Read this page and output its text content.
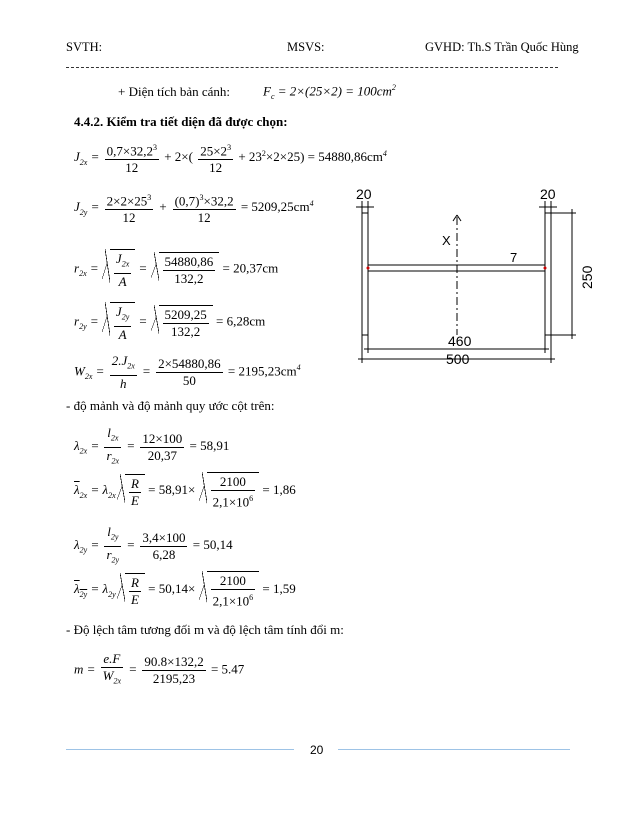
SVTH:	MSVS:	GVHD: Th.S Trần Quốc Hùng
+ Diện tích bản cánh:	$F_c = 2\times(25\times 2) = 100cm^2$
4.4.2. Kiểm tra tiết diện đã được chọn:
$J_{2x} = \frac{0,7\times 32,2^3}{12} + 2\times( \frac{25\times 2^3}{12} + 23^2\times 2\times 25) = 54880,86cm^4$
$J_{2y} = \frac{2\times 2\times 25^3}{12} + \frac{(0,7)^3\times 32,2}{12} = 5209,25cm^4$
$r_{2x} = \frac{J_{2x}}{A} = \frac{54880,86}{132,2} = 20,37cm$
$r_{2y} = \frac{J_{2y}}{A} = \frac{5209,25}{132,2} = 6,28cm$
$W_{2x} = \frac{2.J_{2x}}{h} = \frac{2\times 54880,86}{50} = 2195,23cm^4$
- độ mảnh và độ mảnh quy ước cột trên:
$\lambda_{2x} = \frac{l_{2x}}{r_{2x}} = \frac{12\times 100}{20,37} = 58,91$
$\overline{\lambda}_{2x} = \lambda_{2x} \frac{R}{E} = 58,91\times \frac{2100}{2,1\times 10^6} = 1,86$
$\lambda_{2y} = \frac{l_{2y}}{r_{2y}} = \frac{3,4\times 100}{6,28} = 50,14$
$\overline{\lambda}_{2y} = \lambda_{2y} \frac{R}{E} = 50,14\times \frac{2100}{2,1\times 10^6} = 1,59$
- Độ lệch tâm tương đối m và độ lệch tâm tính đổi m:
$m = \frac{e.F}{W_{2x}} = \frac{90.8\times 132,2}{2195,23} = 5.47$
20	20
X
7
460
500
250
20
